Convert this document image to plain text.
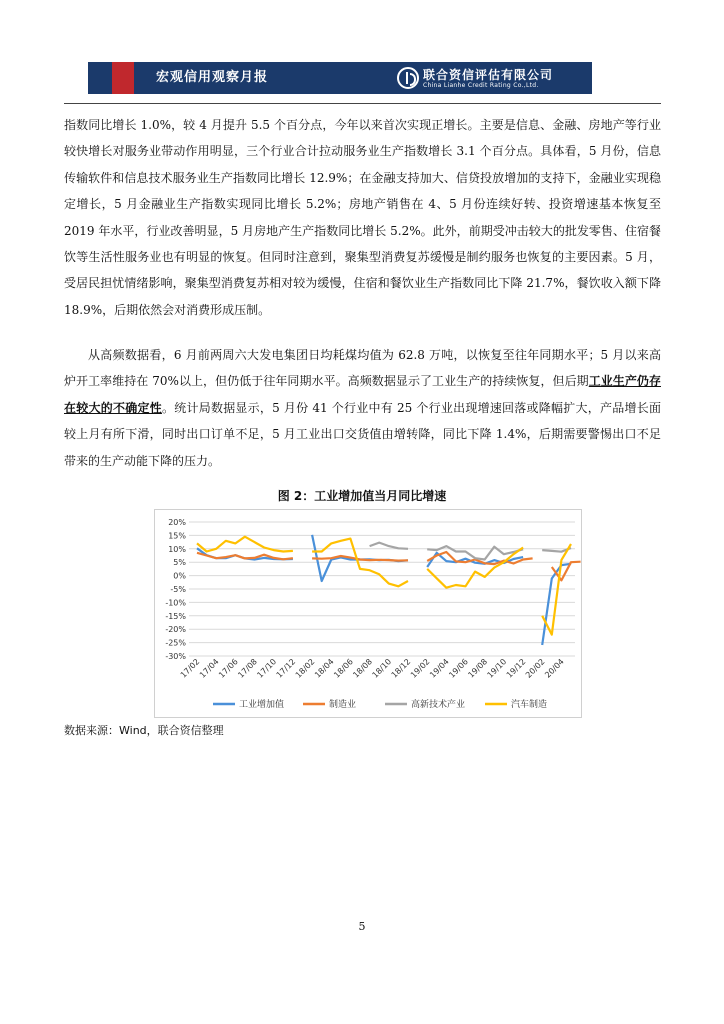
宏观信用观察月报	联合资信评估有限公司
China Lianhe Credit Rating Co.,Ltd.

指数同比增长 1.0%，较 4 月提升 5.5 个百分点，今年以来首次实现正增长。主要是信息、金融、房地产等行业较快增长对服务业带动作用明显，三个行业合计拉动服务业生产指数增长 3.1 个百分点。具体看，5 月份，信息传输软件和信息技术服务业生产指数同比增长 12.9%；在金融支持加大、信贷投放增加的支持下，金融业实现稳定增长，5 月金融业生产指数实现同比增长 5.2%；房地产销售在 4、5 月份连续好转、投资增速基本恢复至 2019 年水平，行业改善明显，5 月房地产生产指数同比增长 5.2%。此外，前期受冲击较大的批发零售、住宿餐饮等生活性服务业也有明显的恢复。但同时注意到，聚集型消费复苏缓慢是制约服务也恢复的主要因素。5 月，受居民担忧情绪影响，聚集型消费复苏相对较为缓慢，住宿和餐饮业生产指数同比下降 21.7%，餐饮收入额下降 18.9%，后期依然会对消费形成压制。

从高频数据看，6 月前两周六大发电集团日均耗煤均值为 62.8 万吨，以恢复至往年同期水平；5 月以来高炉开工率维持在 70%以上，但仍低于往年同期水平。高频数据显示了工业生产的持续恢复，但后期工业生产仍存在较大的不确定性。统计局数据显示，5 月份 41 个行业中有 25 个行业出现增速回落或降幅扩大，产品增长面较上月有所下滑，同时出口订单不足，5 月工业出口交货值由增转降，同比下降 1.4%，后期需要警惕出口不足带来的生产动能下降的压力。

图 2：工业增加值当月同比增速
20%
15%
10%
5%
0%
-5%
-10%
-15%
-20%
-25%
-30%
17/02
17/04
17/06
17/08
17/10
17/12
18/02
18/04
18/06
18/08
18/10
18/12
19/02
19/04
19/06
19/08
19/10
19/12
20/02
20/04
工业增加值	制造业	高新技术产业	汽车制造
数据来源：Wind，联合资信整理
5
